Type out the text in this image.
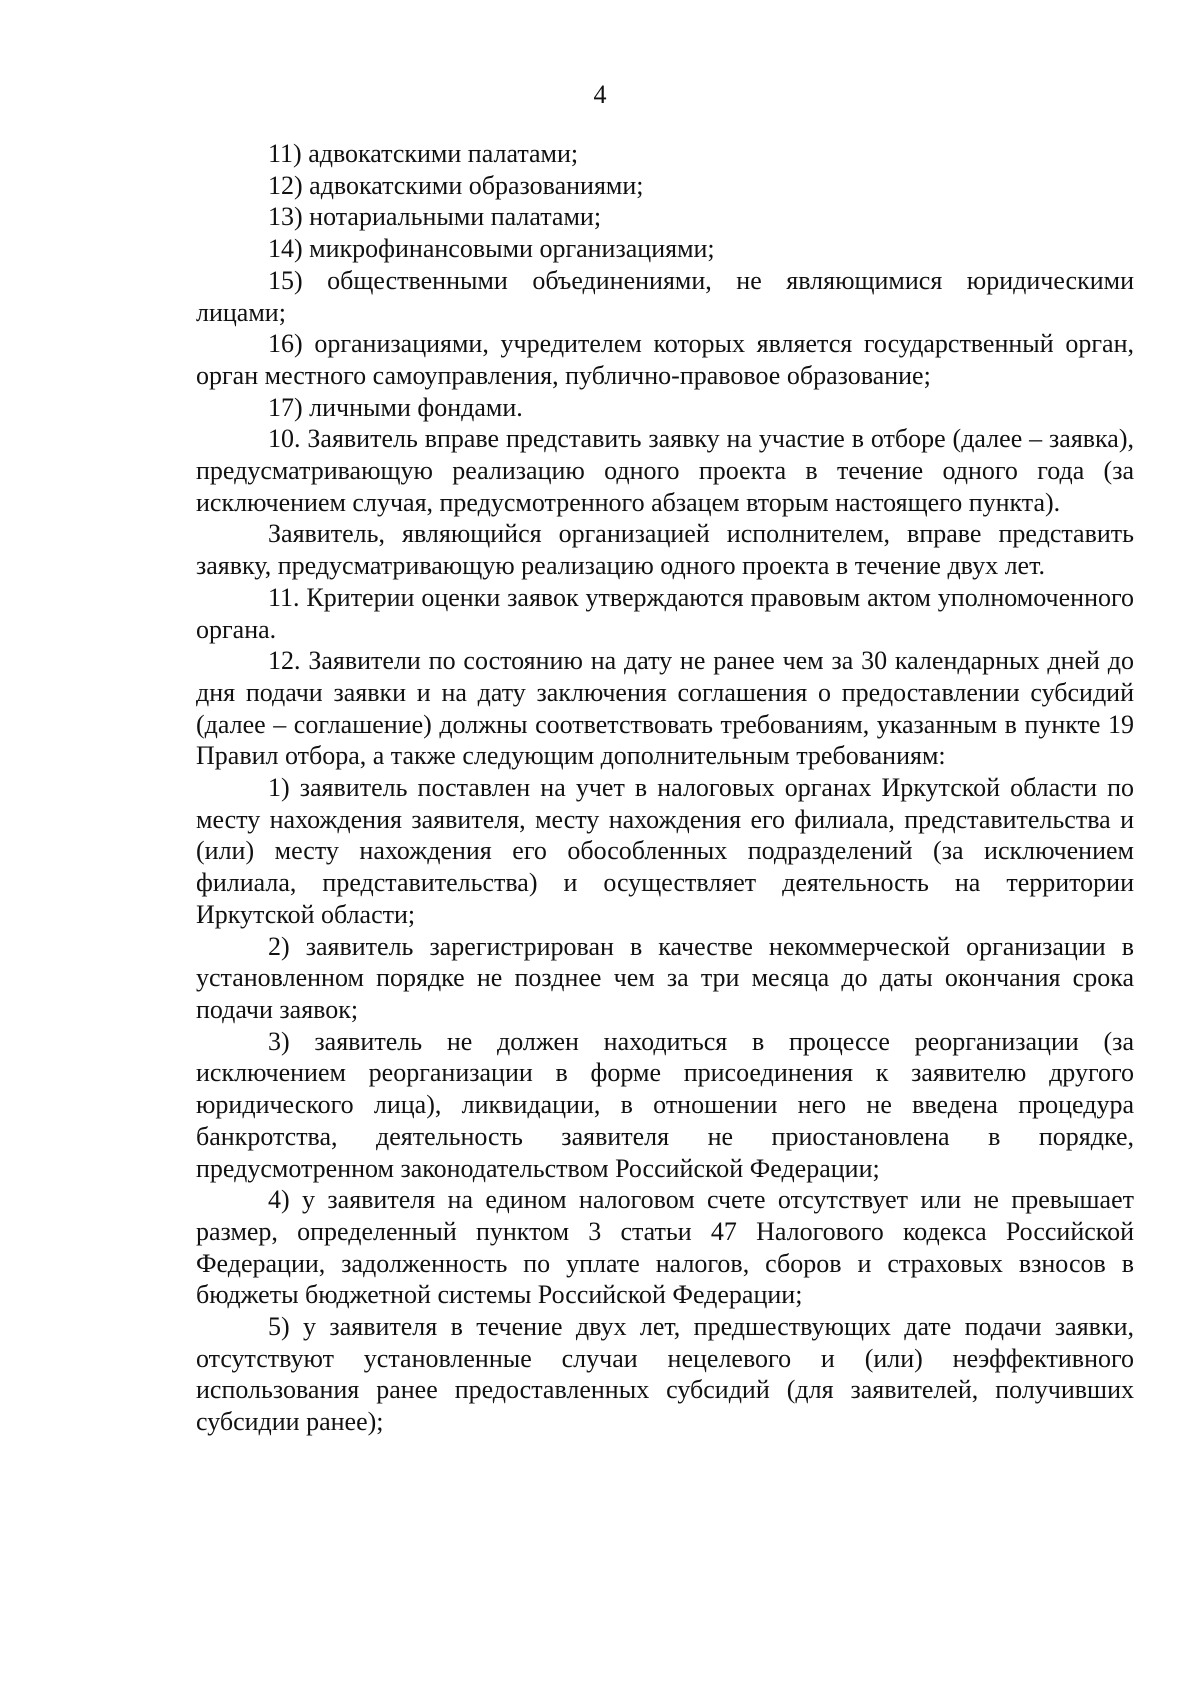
4

11) адвокатскими палатами;

12) адвокатскими образованиями;

13) нотариальными палатами;

14) микрофинансовыми организациями;

15) общественными объединениями, не являющимися юридическими лицами;

16) организациями, учредителем которых является государственный орган, орган местного самоуправления, публично-правовое образование;

17) личными фондами.

10. Заявитель вправе представить заявку на участие в отборе (далее – заявка), предусматривающую реализацию одного проекта в течение одного года (за исключением случая, предусмотренного абзацем вторым настоящего пункта).

Заявитель, являющийся организацией исполнителем, вправе представить заявку, предусматривающую реализацию одного проекта в течение двух лет.

11. Критерии оценки заявок утверждаются правовым актом уполномоченного органа.

12. Заявители по состоянию на дату не ранее чем за 30 календарных дней до дня подачи заявки и на дату заключения соглашения о предоставлении субсидий (далее – соглашение) должны соответствовать требованиям, указанным в пункте 19 Правил отбора, а также следующим дополнительным требованиям:

1) заявитель поставлен на учет в налоговых органах Иркутской области по месту нахождения заявителя, месту нахождения его филиала, представительства и (или) месту нахождения его обособленных подразделений (за исключением филиала, представительства) и осуществляет деятельность на территории Иркутской области;

2) заявитель зарегистрирован в качестве некоммерческой организации в установленном порядке не позднее чем за три месяца до даты окончания срока подачи заявок;

3) заявитель не должен находиться в процессе реорганизации (за исключением реорганизации в форме присоединения к заявителю другого юридического лица), ликвидации, в отношении него не введена процедура банкротства, деятельность заявителя не приостановлена в порядке, предусмотренном законодательством Российской Федерации;

4) у заявителя на едином налоговом счете отсутствует или не превышает размер, определенный пунктом 3 статьи 47 Налогового кодекса Российской Федерации, задолженность по уплате налогов, сборов и страховых взносов в бюджеты бюджетной системы Российской Федерации;

5) у заявителя в течение двух лет, предшествующих дате подачи заявки, отсутствуют установленные случаи нецелевого и (или) неэффективного использования ранее предоставленных субсидий (для заявителей, получивших субсидии ранее);
